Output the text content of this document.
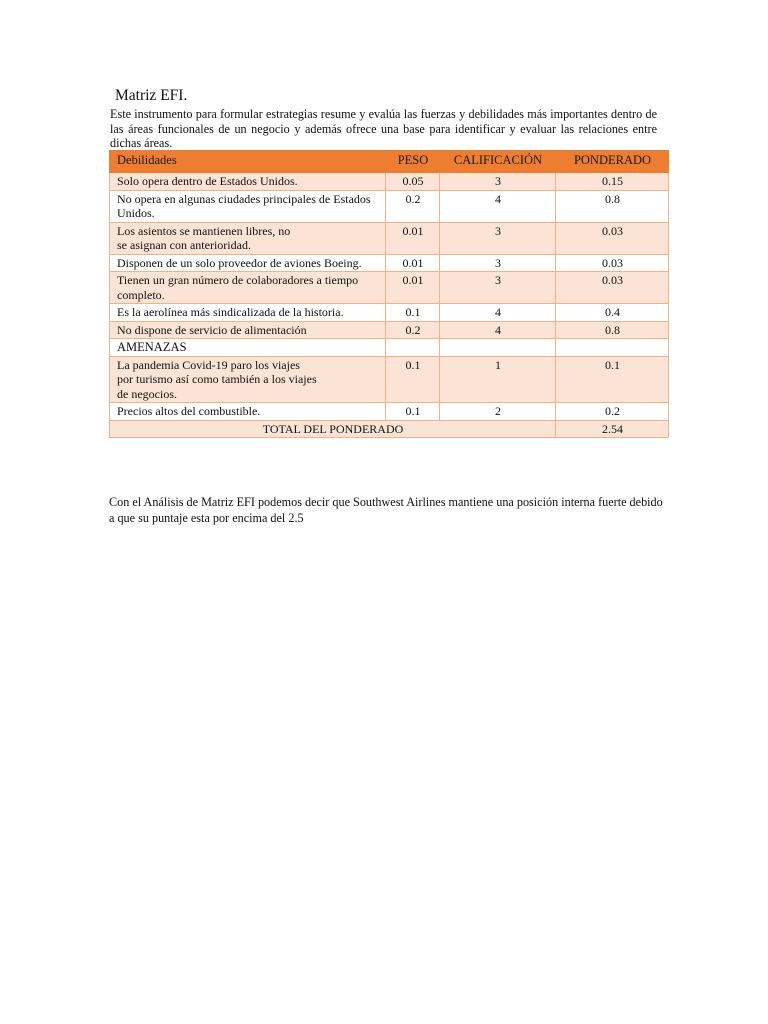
Matriz EFI.
Este instrumento para formular estrategias resume y evalúa las fuerzas y debilidades más importantes dentro de las áreas funcionales de un negocio y además ofrece una base para identificar y evaluar las relaciones entre dichas áreas.
Debilidades	PESO	CALIFICACIÓN	PONDERADO
Solo opera dentro de Estados Unidos.	0.05	3	0.15
No opera en algunas ciudades principales de Estados Unidos.	0.2	4	0.8
Los asientos se mantienen libres, no
se asignan con anterioridad.	0.01	3	0.03
Disponen de un solo proveedor de aviones Boeing.	0.01	3	0.03
Tienen un gran número de colaboradores a tiempo completo.	0.01	3	0.03
Es la aerolínea más sindicalizada de la historia.	0.1	4	0.4
No dispone de servicio de alimentación	0.2	4	0.8
AMENAZAS			
La pandemia Covid-19 paro los viajes
por turismo así como también a los viajes
de negocios.	0.1	1	0.1
Precios altos del combustible.	0.1	2	0.2
TOTAL DEL PONDERADO			2.54
Con el Análisis de Matriz EFI podemos decir que Southwest Airlines mantiene una posición interna fuerte debido a que su puntaje esta por encima del 2.5
